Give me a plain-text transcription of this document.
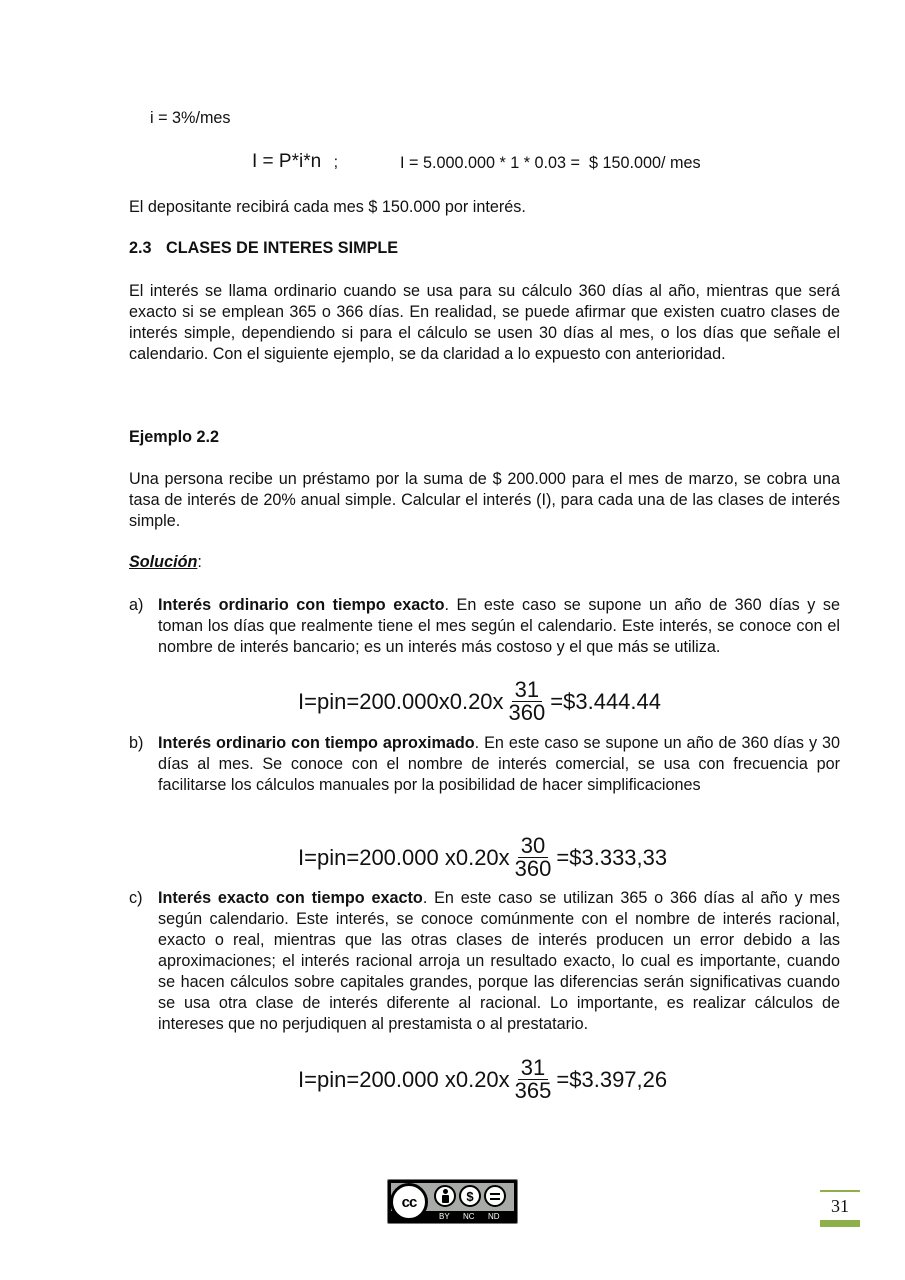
i = 3%/mes
I = P*i*n ;	I = 5.000.000 * 1 * 0.03 =  $ 150.000/ mes

El depositante recibirá cada mes $ 150.000 por interés.

2.3 CLASES DE INTERES SIMPLE

El interés se llama ordinario cuando se usa para su cálculo 360 días al año, mientras que será exacto si se emplean 365 o 366 días. En realidad, se puede afirmar que existen cuatro clases de interés simple, dependiendo si para el cálculo se usen 30 días al mes, o los días que señale el calendario. Con el siguiente ejemplo, se da claridad a lo expuesto con anterioridad.

Ejemplo 2.2

Una persona recibe un préstamo por la suma de $ 200.000 para el mes de marzo, se cobra una tasa de interés de 20% anual simple. Calcular el interés (I), para cada una de las clases de interés simple.

Solución:
a) Interés ordinario con tiempo exacto. En este caso se supone un año de 360 días y se toman los días que realmente tiene el mes según el calendario. Este interés, se conoce con el nombre de interés bancario; es un interés más costoso y el que más se utiliza.
I = pin = $200.000x0.20x \frac{31}{360}$ = $3.444.44
b) Interés ordinario con tiempo aproximado. En este caso se supone un año de 360 días y 30 días al mes. Se conoce con el nombre de interés comercial, se usa con frecuencia por facilitarse los cálculos manuales por la posibilidad de hacer simplificaciones
I = pin = 200.000 $x0.20x \frac{30}{360}$ = $3.333,33
c) Interés exacto con tiempo exacto. En este caso se utilizan 365 o 366 días al año y mes según calendario. Este interés, se conoce comúnmente con el nombre de interés racional, exacto o real, mientras que las otras clases de interés producen un error debido a las aproximaciones; el interés racional arroja un resultado exacto, lo cual es importante, cuando se hacen cálculos sobre capitales grandes, porque las diferencias serán significativas cuando se usa otra clase de interés diferente al racional. Lo importante, es realizar cálculos de intereses que no perjudiquen al prestamista o al prestatario.
I = pin = 200.000 $x0.20x \frac{31}{365}$ = $3.397,26
cc	$
BY NC ND
31
